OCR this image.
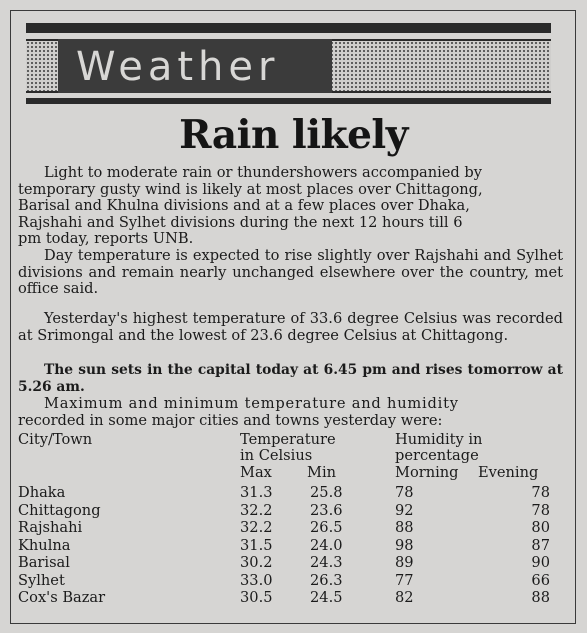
Weather
Rain likely
Light to moderate rain or thundershowers accompanied by
temporary gusty wind is likely at most places over Chittagong,
Barisal and Khulna divisions and at a few places over Dhaka,
Rajshahi and Sylhet divisions during the next 12 hours till 6
pm today, reports UNB.
Day temperature is expected to rise slightly over Rajshahi and Sylhet divisions and remain nearly unchanged elsewhere over the country, met office said.
Yesterday's highest temperature of 33.6 degree Celsius was recorded at Srimongal and the lowest of 23.6 degree Celsius at Chittagong.
The sun sets in the capital today at 6.45 pm and rises tomorrow at 5.26 am.
Maximum and minimum temperature and humidity
recorded in some major cities and towns yesterday were:
City/Town	Temperature
in Celsius
Humidity in
percentage
Max Min	Morning Evening
Dhaka	31.3	25.8	78	78
Chittagong	32.2	23.6	92	78
Rajshahi	32.2	26.5	88	80
Khulna	31.5	24.0	98	87
Barisal	30.2	24.3	89	90
Sylhet	33.0	26.3	77	66
Cox's Bazar	30.5	24.5	82	88
